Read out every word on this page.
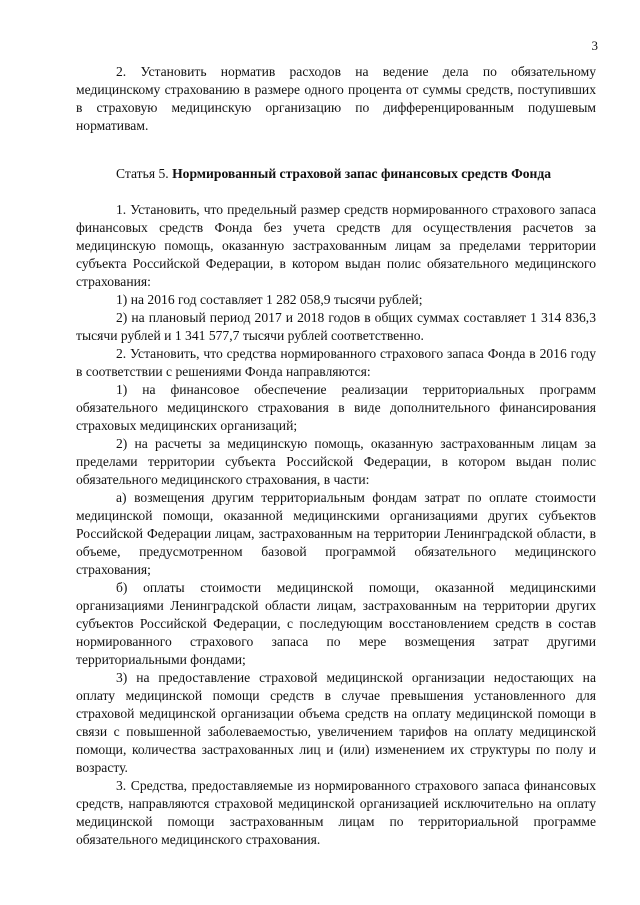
3

2. Установить норматив расходов на ведение дела по обязательному медицинскому страхованию в размере одного процента от суммы средств, поступивших в страховую медицинскую организацию по дифференцированным подушевым нормативам.

Статья 5. Нормированный страховой запас финансовых средств Фонда

1. Установить, что предельный размер средств нормированного страхового запаса финансовых средств Фонда без учета средств для осуществления расчетов за медицинскую помощь, оказанную застрахованным лицам за пределами территории субъекта Российской Федерации, в котором выдан полис обязательного медицинского страхования:

1) на 2016 год составляет 1 282 058,9 тысячи рублей;

2) на плановый период 2017 и 2018 годов в общих суммах составляет 1 314 836,3 тысячи рублей и 1 341 577,7 тысячи рублей соответственно.

2. Установить, что средства нормированного страхового запаса Фонда в 2016 году в соответствии с решениями Фонда направляются:

1) на финансовое обеспечение реализации территориальных программ обязательного медицинского страхования в виде дополнительного финансирования страховых медицинских организаций;

2) на расчеты за медицинскую помощь, оказанную застрахованным лицам за пределами территории субъекта Российской Федерации, в котором выдан полис обязательного медицинского страхования, в части:

а) возмещения другим территориальным фондам затрат по оплате стоимости медицинской помощи, оказанной медицинскими организациями других субъектов Российской Федерации лицам, застрахованным на территории Ленинградской области, в объеме, предусмотренном базовой программой обязательного медицинского страхования;

б) оплаты стоимости медицинской помощи, оказанной медицинскими организациями Ленинградской области лицам, застрахованным на территории других субъектов Российской Федерации, с последующим восстановлением средств в состав нормированного страхового запаса по мере возмещения затрат другими территориальными фондами;

3) на предоставление страховой медицинской организации недостающих на оплату медицинской помощи средств в случае превышения установленного для страховой медицинской организации объема средств на оплату медицинской помощи в связи с повышенной заболеваемостью, увеличением тарифов на оплату медицинской помощи, количества застрахованных лиц и (или) изменением их структуры по полу и возрасту.

3. Средства, предоставляемые из нормированного страхового запаса финансовых средств, направляются страховой медицинской организацией исключительно на оплату медицинской помощи застрахованным лицам по территориальной программе обязательного медицинского страхования.
